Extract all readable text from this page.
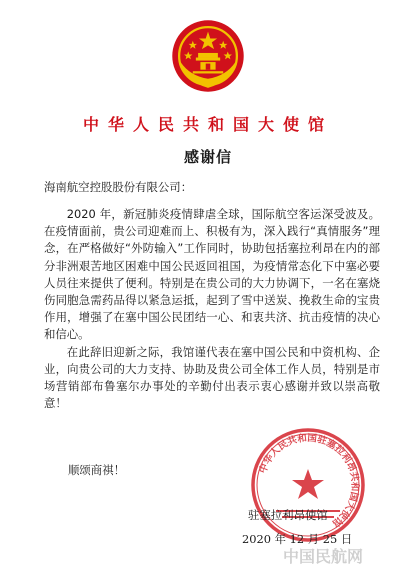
中华人民共和国大使馆
感谢信
海南航空控股股份有限公司：

2020 年，新冠肺炎疫情肆虐全球，国际航空客运深受波及。在疫情面前，贵公司迎难而上、积极有为，深入践行“真情服务”理念，在严格做好“外防输入”工作同时，协助包括塞拉利昂在内的部分非洲艰苦地区困难中国公民返回祖国，为疫情常态化下中塞必要人员往来提供了便利。特别是在贵公司的大力协调下，一名在塞烧伤同胞急需药品得以紧急运抵，起到了雪中送炭、挽救生命的宝贵作用，增强了在塞中国公民团结一心、和衷共济、抗击疫情的决心和信心。

在此辞旧迎新之际，我馆谨代表在塞中国公民和中资机构、企业，向贵公司的大力支持、协助及贵公司全体工作人员，特别是市场营销部布鲁塞尔办事处的辛勤付出表示衷心感谢并致以崇高敬意！

顺颂商祺！	中华人民共和国驻塞拉利昂共和国大使馆
驻塞拉利昂使馆
2020 年 12 月 25 日
中国民航网
